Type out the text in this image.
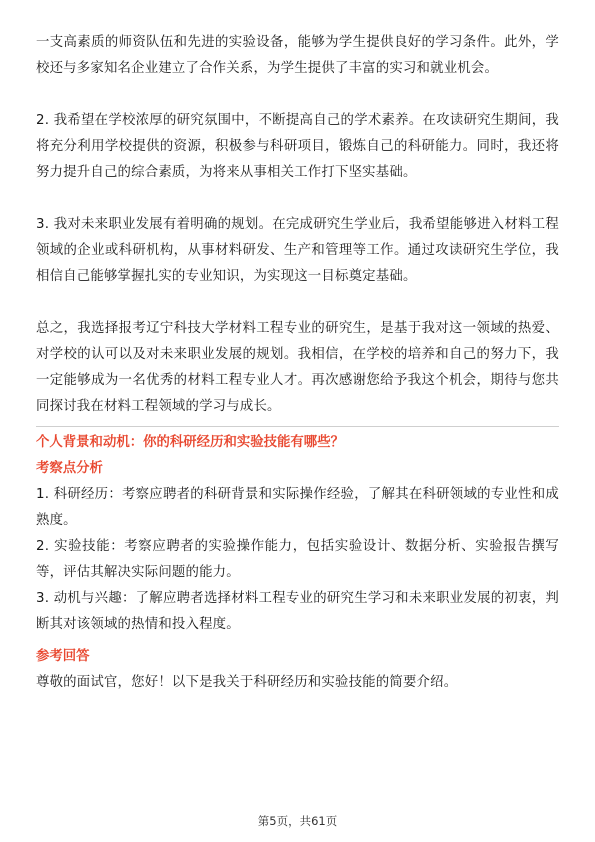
一支高素质的师资队伍和先进的实验设备，能够为学生提供良好的学习条件。此外，学校还与多家知名企业建立了合作关系，为学生提供了丰富的实习和就业机会。

2. 我希望在学校浓厚的研究氛围中，不断提高自己的学术素养。在攻读研究生期间，我将充分利用学校提供的资源，积极参与科研项目，锻炼自己的科研能力。同时，我还将努力提升自己的综合素质，为将来从事相关工作打下坚实基础。

3. 我对未来职业发展有着明确的规划。在完成研究生学业后，我希望能够进入材料工程领域的企业或科研机构，从事材料研发、生产和管理等工作。通过攻读研究生学位，我相信自己能够掌握扎实的专业知识，为实现这一目标奠定基础。

总之，我选择报考辽宁科技大学材料工程专业的研究生，是基于我对这一领域的热爱、对学校的认可以及对未来职业发展的规划。我相信，在学校的培养和自己的努力下，我一定能够成为一名优秀的材料工程专业人才。再次感谢您给予我这个机会，期待与您共同探讨我在材料工程领域的学习与成长。

个人背景和动机：你的科研经历和实验技能有哪些？

考察点分析

1. 科研经历：考察应聘者的科研背景和实际操作经验，了解其在科研领域的专业性和成熟度。

2. 实验技能：考察应聘者的实验操作能力，包括实验设计、数据分析、实验报告撰写等，评估其解决实际问题的能力。

3. 动机与兴趣：了解应聘者选择材料工程专业的研究生学习和未来职业发展的初衷，判断其对该领域的热情和投入程度。

参考回答

尊敬的面试官，您好！以下是我关于科研经历和实验技能的简要介绍。

第5页，共61页
